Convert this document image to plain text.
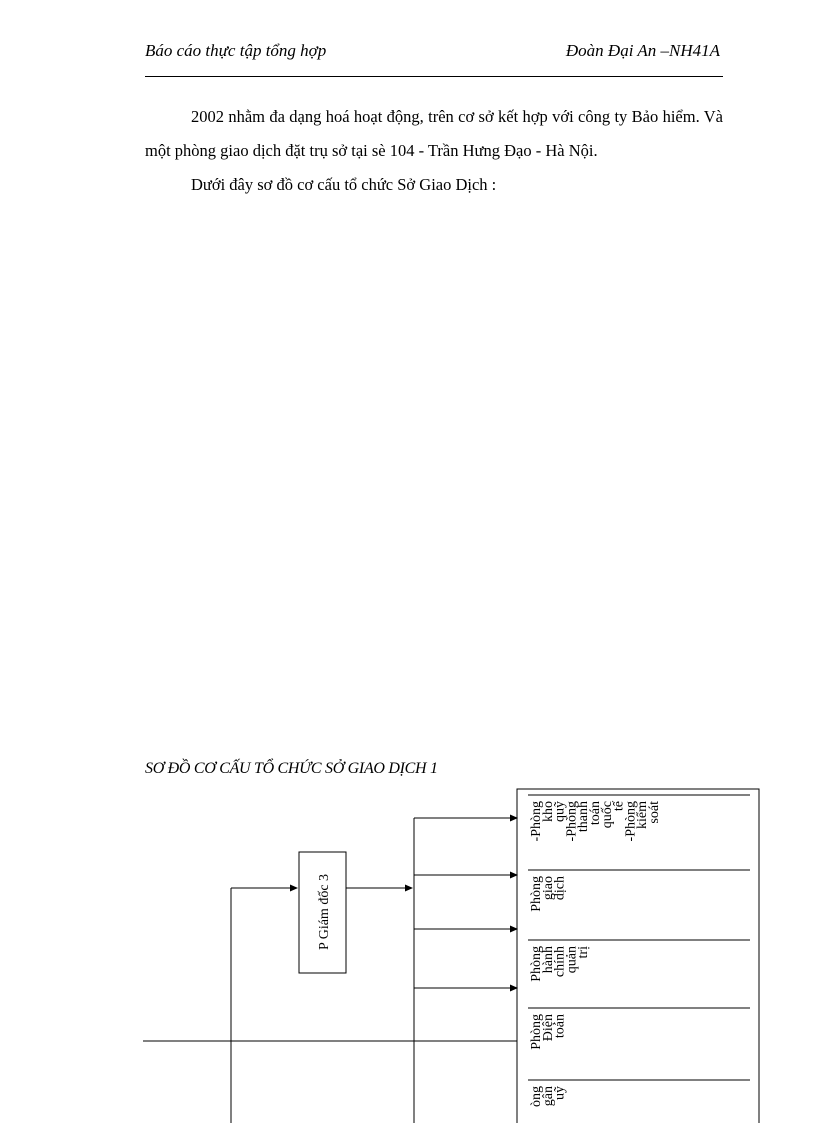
Báo cáo thực tập tổng hợp	Đoàn Đại An –NH41A

2002 nhằm đa dạng hoá hoạt động, trên cơ sở kết hợp với công ty Bảo hiểm. Và một phòng giao dịch đặt trụ sở tại sè 104 - Trần Hưng Đạo - Hà Nội.

Dưới đây sơ đồ cơ cấu tổ chức Sở Giao Dịch :

SƠ ĐỒ CƠ CẤU TỔ CHỨC SỞ GIAO DỊCH 1
P Giám đốc 3
-Phòng
kho
quỹ
-Phòng
thanh
toán
quốc
tế
-Phòng
kiểm
soát
Phòng
giao
dịch
Phòng
hành
chính
quản
trị
Phòng
Điện
toán
òng
gân
uỹ
